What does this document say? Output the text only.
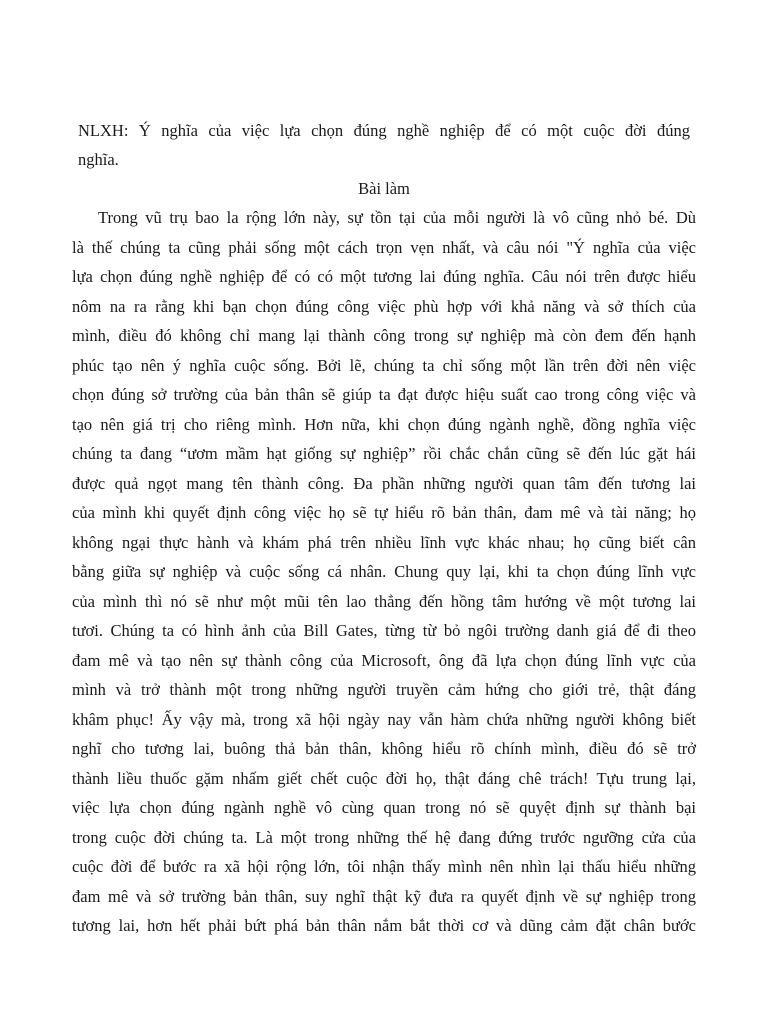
NLXH: Ý nghĩa của việc lựa chọn đúng nghề nghiệp để có một cuộc đời đúng
nghĩa.
Bài làm
Trong vũ trụ bao la rộng lớn này, sự tồn tại của mỗi người là vô cũng nhỏ bé. Dù
là thế chúng ta cũng phải sống một cách trọn vẹn nhất, và câu nói "Ý nghĩa của việc
lựa chọn đúng nghề nghiệp để có có một tương lai đúng nghĩa. Câu nói trên được hiểu
nôm na ra rằng khi bạn chọn đúng công việc phù hợp với khả năng và sở thích của
mình, điều đó không chỉ mang lại thành công trong sự nghiệp mà còn đem đến hạnh
phúc tạo nên ý nghĩa cuộc sống. Bởi lẽ, chúng ta chỉ sống một lần trên đời nên việc
chọn đúng sở trường của bản thân sẽ giúp ta đạt được hiệu suất cao trong công việc và
tạo nên giá trị cho riêng mình. Hơn nữa, khi chọn đúng ngành nghề, đồng nghĩa việc
chúng ta đang “ươm mầm hạt giống sự nghiệp” rồi chắc chắn cũng sẽ đến lúc gặt hái
được quả ngọt mang tên thành công. Đa phần những người quan tâm đến tương lai
của mình khi quyết định công việc họ sẽ tự hiểu rõ bản thân, đam mê và tài năng; họ
không ngại thực hành và khám phá trên nhiều lĩnh vực khác nhau; họ cũng biết cân
bằng giữa sự nghiệp và cuộc sống cá nhân. Chung quy lại, khi ta chọn đúng lĩnh vực
của mình thì nó sẽ như một mũi tên lao thẳng đến hồng tâm hướng về một tương lai
tươi. Chúng ta có hình ảnh của Bill Gates, từng từ bỏ ngôi trường danh giá để đi theo
đam mê và tạo nên sự thành công của Microsoft, ông đã lựa chọn đúng lĩnh vực của
mình và trở thành một trong những người truyền cảm hứng cho giới trẻ, thật đáng
khâm phục! Ấy vậy mà, trong xã hội ngày nay vẫn hàm chứa những người không biết
nghĩ cho tương lai, buông thả bản thân, không hiểu rõ chính mình, điều đó sẽ trở
thành liều thuốc gặm nhấm giết chết cuộc đời họ, thật đáng chê trách! Tựu trung lại,
việc lựa chọn đúng ngành nghề vô cùng quan trong nó sẽ quyệt định sự thành bại
trong cuộc đời chúng ta. Là một trong những thế hệ đang đứng trước ngưỡng cửa của
cuộc đời để bước ra xã hội rộng lớn, tôi nhận thấy mình nên nhìn lại thấu hiểu những
đam mê và sở trường bản thân, suy nghĩ thật kỹ đưa ra quyết định về sự nghiệp trong
tương lai, hơn hết phải bứt phá bản thân nắm bắt thời cơ và dũng cảm đặt chân bước
